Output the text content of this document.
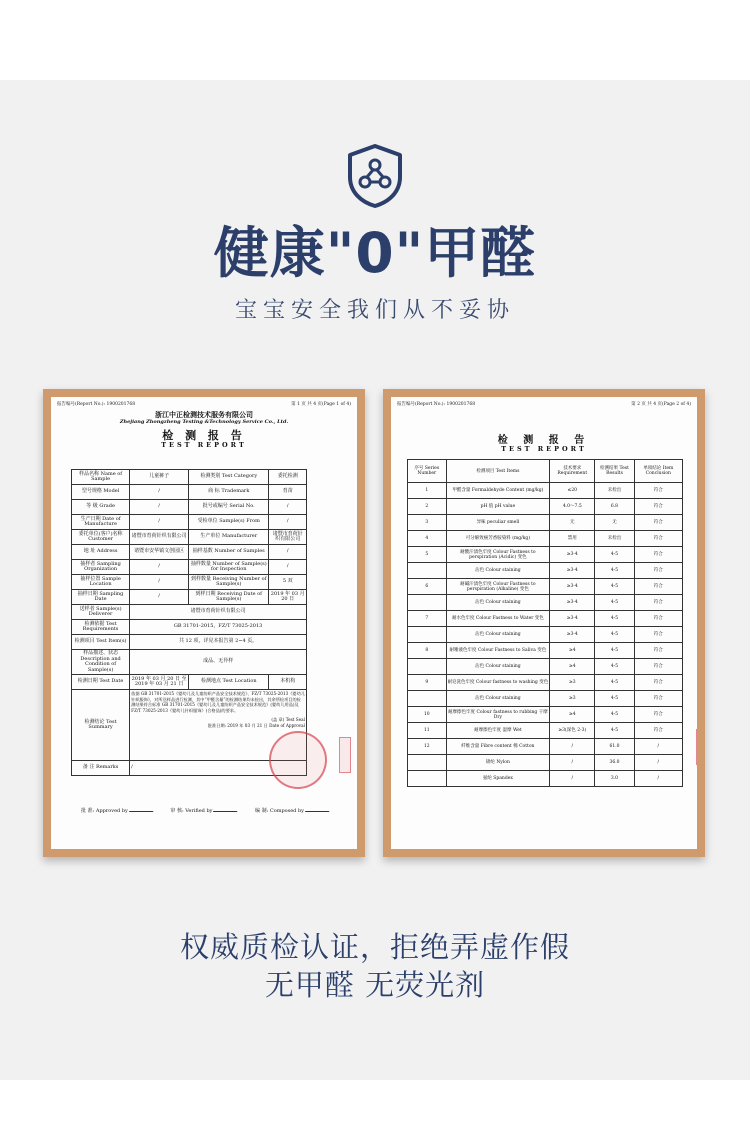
健康"0"甲醛
宝宝安全我们从不妥协
报告编号(Report No.): 1900201768	第 1 页 共 4 页(Page 1 of 4)
浙江中正检测技术服务有限公司
Zhejiang Zhongzheng Testing &Technology Service Co., Ltd.
检 测 报 告
TEST REPORT
样品名称 Name of Sample	儿童裤子	检测类别 Test Category	委托检测
型号规格 Model	/	商 标 Trademark	育苗
等 级 Grade	/	批号或编号 Serial No.	/
生产日期 Date of Manufacture	/	受检单位 Sample(s) From	/
委托单位(客户)名称 Customer	诸暨市育荷针织有限公司	生产单位 Manufacturer	诸暨市育荷针织有限公司
地 址 Address	诸暨市安华镇文创园区	抽样基数 Number of Samples	/
抽样者 Sampling Organization	/	抽样数量 Number of Sample(s) for Inspection	/
抽样位置 Sample Location	/	到样数量 Receiving Number of Sample(s)	5 双
抽样日期 Sampling Date	/	到样日期 Receiving Date of Sample(s)	2019 年 03 月 20 日
送样者 Sample(s) Deliverer	诸暨市育荷针织有限公司		
检测依据 Test Requirements	GB 31701-2015，FZ/T 73025-2013		
检测项目 Test Item(s)	共 12 项，详见本报告第 2~4 页。		
样品描述、状态 Description and Condition of Sample(s)	成品、无异样		
检测日期 Test Date	2019 年 03 月 20 日 至 2019 年 03 月 21 日	检测地点 Test Location	本机构
检测结论 Test Summary	依据 GB 31701-2015《婴幼儿及儿童纺织产品安全技术规范》、FZ/T 73025-2013《婴幼儿针织服饰》，对所送样品进行检测，其中“甲醛含量”的检测结果均未检出，其余所检项目的检测结果符合标准 GB 31701-2015《婴幼儿及儿童纺织产品安全技术规范》(婴幼儿用品)及 FZ/T 73025-2013《婴幼儿针织服饰》(合格品)的要求。
(盖 章) Test Seal
批准日期: 2019 年 03 月 21 日 Date of Approval		

备 注 Remarks	/		
批 准: Approved by	审 核: Verified by	编 制: Composed by
报告编号(Report No.): 1900201768	第 2 页 共 4 页(Page 2 of 4)
检 测 报 告
TEST REPORT
序号 Series Number	检测项目 Test Items	技术要求 Requirement	检测结果 Test Results	单项结论 Item Conclusion
1	甲醛含量 Formaldehyde Content (mg/kg)	≤20	未检出	符合
2	pH 值 pH value	4.0～7.5	6.8	符合
3	异味 peculiar smell	无	无	符合
4	可分解致癌芳香胺染料 (mg/kg)	禁用	未检出	符合
5	耐酸汗渍色牢度 Colour Fastness to perspiration (Acidic) 变色	≥3-4	4-5	符合
	沾色 Colour staining	≥3-4	4-5	符合
6	耐碱汗渍色牢度 Colour Fastness to perspiration (Alkaline) 变色	≥3-4	4-5	符合
	沾色 Colour staining	≥3-4	4-5	符合
7	耐水色牢度 Colour Fastness to Water 变色	≥3-4	4-5	符合
	沾色 Colour staining	≥3-4	4-5	符合
8	耐唾液色牢度 Colour Fastness to Saliva 变色	≥4	4-5	符合
	沾色 Colour staining	≥4	4-5	符合
9	耐皂洗色牢度 Colour fastness to washing 变色	≥3	4-5	符合
	沾色 Colour staining	≥3	4-5	符合
10	耐摩擦色牢度 Colour fastness to rubbing 干摩 Dry	≥4	4-5	符合
11	耐摩擦色牢度 湿摩 Wet	≥3(深色 2-3)	4-5	符合
12	纤维含量 Fibre content 棉 Cotton	/	61.0	/
	锦纶 Nylon	/	36.0	/
	氨纶 Spandex	/	3.0	/
权威质检认证，拒绝弄虚作假
无甲醛 无荧光剂
